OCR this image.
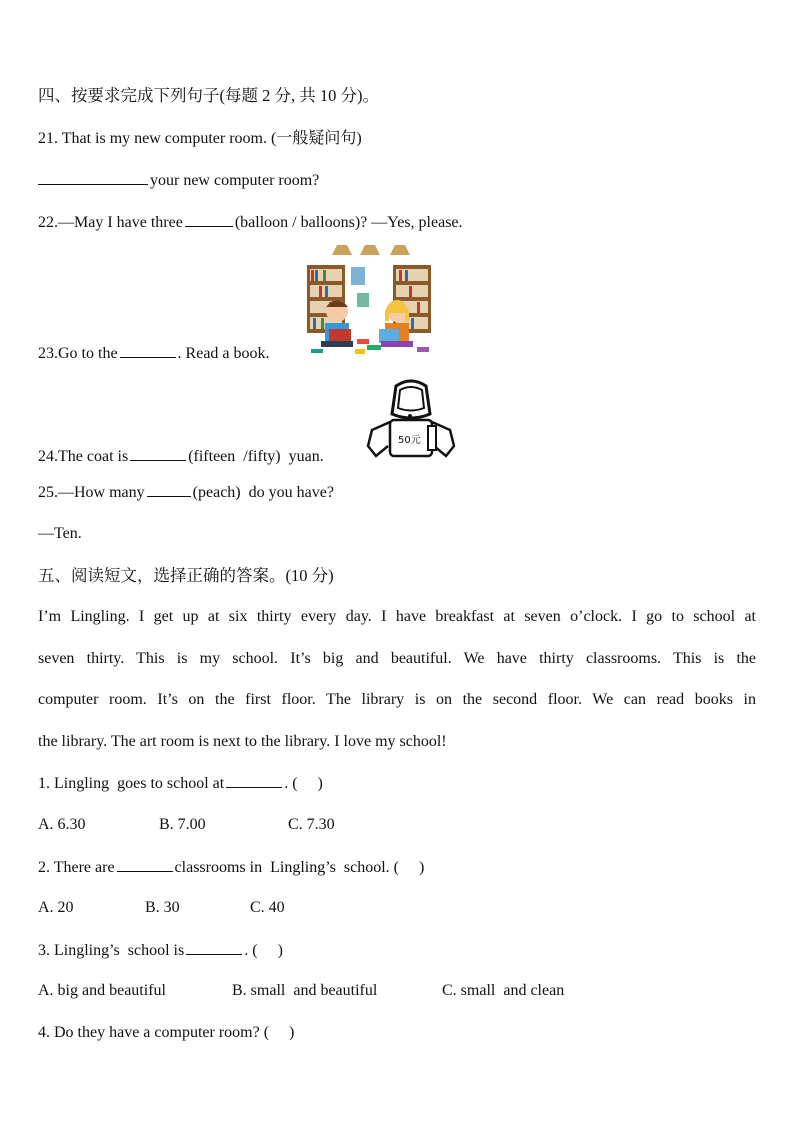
四、按要求完成下列句子(每题 2 分, 共 10 分)。
21. That is my new computer room. (一般疑问句)
your new computer room?
22.—May I have three	(balloon / balloons)? —Yes, please.
23.Go to the	. Read a book.
50元
24.The coat is	(fifteen  /fifty)  yuan.
25.—How many	(peach)  do you have?
—Ten.
五、阅读短文，选择正确的答案。(10 分)
I’m Lingling. I get up at six thirty every day. I have breakfast at seven o’clock. I go to school at
seven thirty. This is my school. It’s big and beautiful. We have thirty classrooms. This is the
computer room. It’s on the first floor. The library is on the second floor. We can read books in
the library. The art room is next to the library. I love my school!
1. Lingling  goes to school at	. (     )
A. 6.30	B. 7.00	C. 7.30
2. There are	classrooms in  Lingling’s  school. (     )
A. 20	B. 30	C. 40
3. Lingling’s  school is	. (     )
A. big and beautiful	B. small  and beautiful	C. small  and clean
4. Do they have a computer room? (     )
